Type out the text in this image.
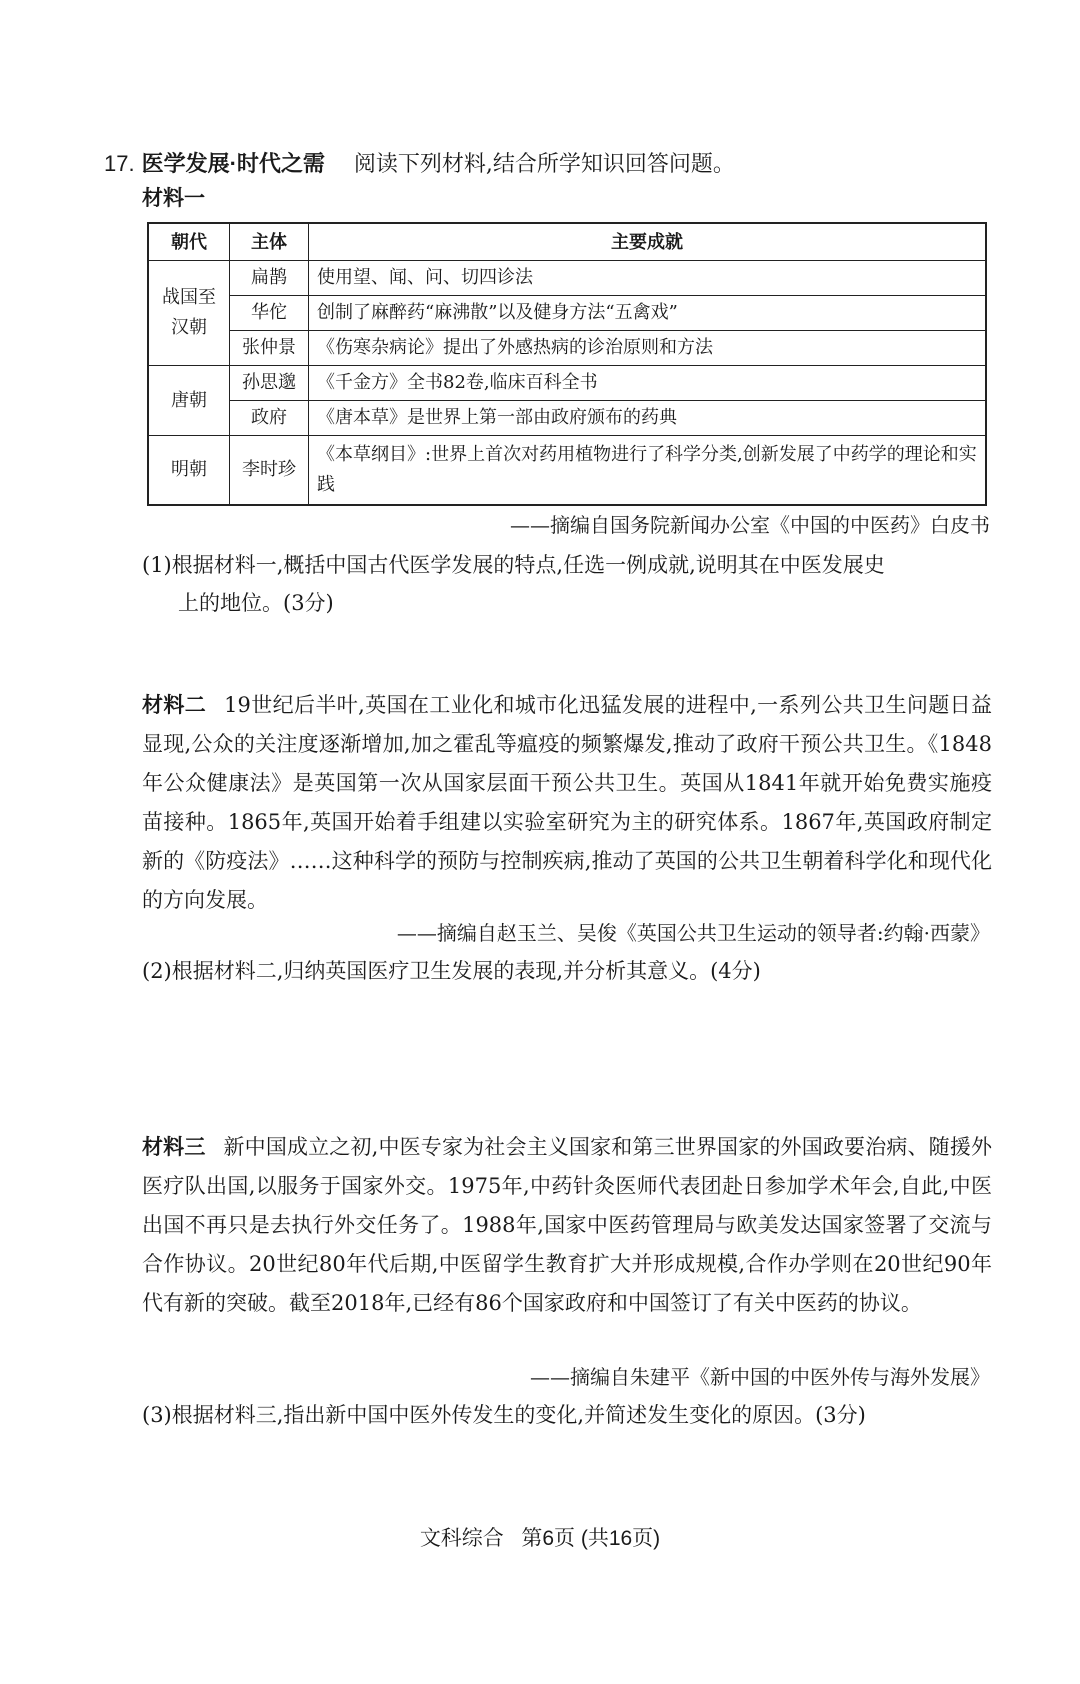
17. 医学发展·时代之需 阅读下列材料,结合所学知识回答问题。
材料一
朝代	主体	主要成就
战国至汉朝	扁鹊	使用望、闻、问、切四诊法
	华佗	创制了麻醉药“麻沸散”以及健身方法“五禽戏”
	张仲景	《伤寒杂病论》提出了外感热病的诊治原则和方法
唐朝	孙思邈	《千金方》全书82卷,临床百科全书
	政府	《唐本草》是世界上第一部由政府颁布的药典
明朝	李时珍	《本草纲目》:世界上首次对药用植物进行了科学分类,创新发展了中药学的理论和实践
——摘编自国务院新闻办公室《中国的中医药》白皮书
(1)根据材料一,概括中国古代医学发展的特点,任选一例成就,说明其在中医发展史
上的地位。(3分)
材料二 19世纪后半叶,英国在工业化和城市化迅猛发展的进程中,一系列公共卫生问题日益显现,公众的关注度逐渐增加,加之霍乱等瘟疫的频繁爆发,推动了政府干预公共卫生。《1848年公众健康法》是英国第一次从国家层面干预公共卫生。英国从1841年就开始免费实施疫苗接种。1865年,英国开始着手组建以实验室研究为主的研究体系。1867年,英国政府制定新的《防疫法》……这种科学的预防与控制疾病,推动了英国的公共卫生朝着科学化和现代化的方向发展。
——摘编自赵玉兰、吴俊《英国公共卫生运动的领导者:约翰·西蒙》
(2)根据材料二,归纳英国医疗卫生发展的表现,并分析其意义。(4分)
材料三 新中国成立之初,中医专家为社会主义国家和第三世界国家的外国政要治病、随援外医疗队出国,以服务于国家外交。1975年,中药针灸医师代表团赴日参加学术年会,自此,中医出国不再只是去执行外交任务了。1988年,国家中医药管理局与欧美发达国家签署了交流与合作协议。20世纪80年代后期,中医留学生教育扩大并形成规模,合作办学则在20世纪90年代有新的突破。截至2018年,已经有86个国家政府和中国签订了有关中医药的协议。
——摘编自朱建平《新中国的中医外传与海外发展》
(3)根据材料三,指出新中国中医外传发生的变化,并简述发生变化的原因。(3分)
文科综合   第6页 (共16页)
